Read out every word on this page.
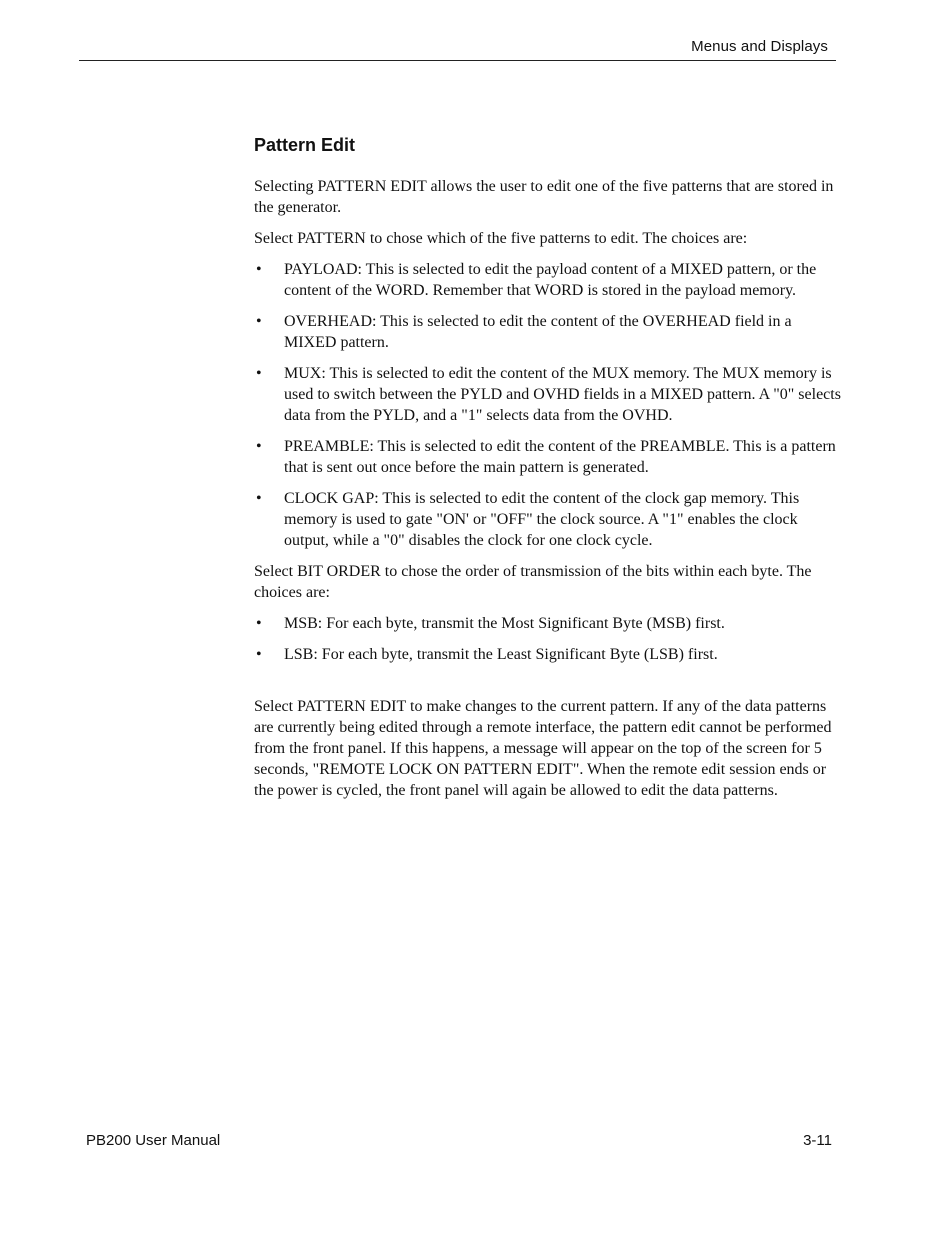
Menus and Displays
Pattern Edit

Selecting PATTERN EDIT allows the user to edit one of the five patterns that are stored in the generator.

Select PATTERN to chose which of the five patterns to edit. The choices are:

• PAYLOAD: This is selected to edit the payload content of a MIXED pattern, or the content of the WORD. Remember that WORD is stored in the payload memory.
• OVERHEAD: This is selected to edit the content of the OVERHEAD field in a MIXED pattern.
• MUX: This is selected to edit the content of the MUX memory. The MUX memory is used to switch between the PYLD and OVHD fields in a MIXED pattern. A "0" selects data from the PYLD, and a "1" selects data from the OVHD.
• PREAMBLE: This is selected to edit the content of the PREAMBLE. This is a pattern that is sent out once before the main pattern is generated.
• CLOCK GAP: This is selected to edit the content of the clock gap memory. This memory is used to gate "ON' or "OFF" the clock source. A "1" enables the clock output, while a "0" disables the clock for one clock cycle.

Select BIT ORDER to chose the order of transmission of the bits within each byte. The choices are:

• MSB: For each byte, transmit the Most Significant Byte (MSB) first.
• LSB: For each byte, transmit the Least Significant Byte (LSB) first.

Select PATTERN EDIT to make changes to the current pattern. If any of the data patterns are currently being edited through a remote interface, the pattern edit cannot be performed from the front panel. If this happens, a message will appear on the top of the screen for 5 seconds, "REMOTE LOCK ON PATTERN EDIT". When the remote edit session ends or the power is cycled, the front panel will again be allowed to edit the data patterns.

PB200 User Manual	3-11
